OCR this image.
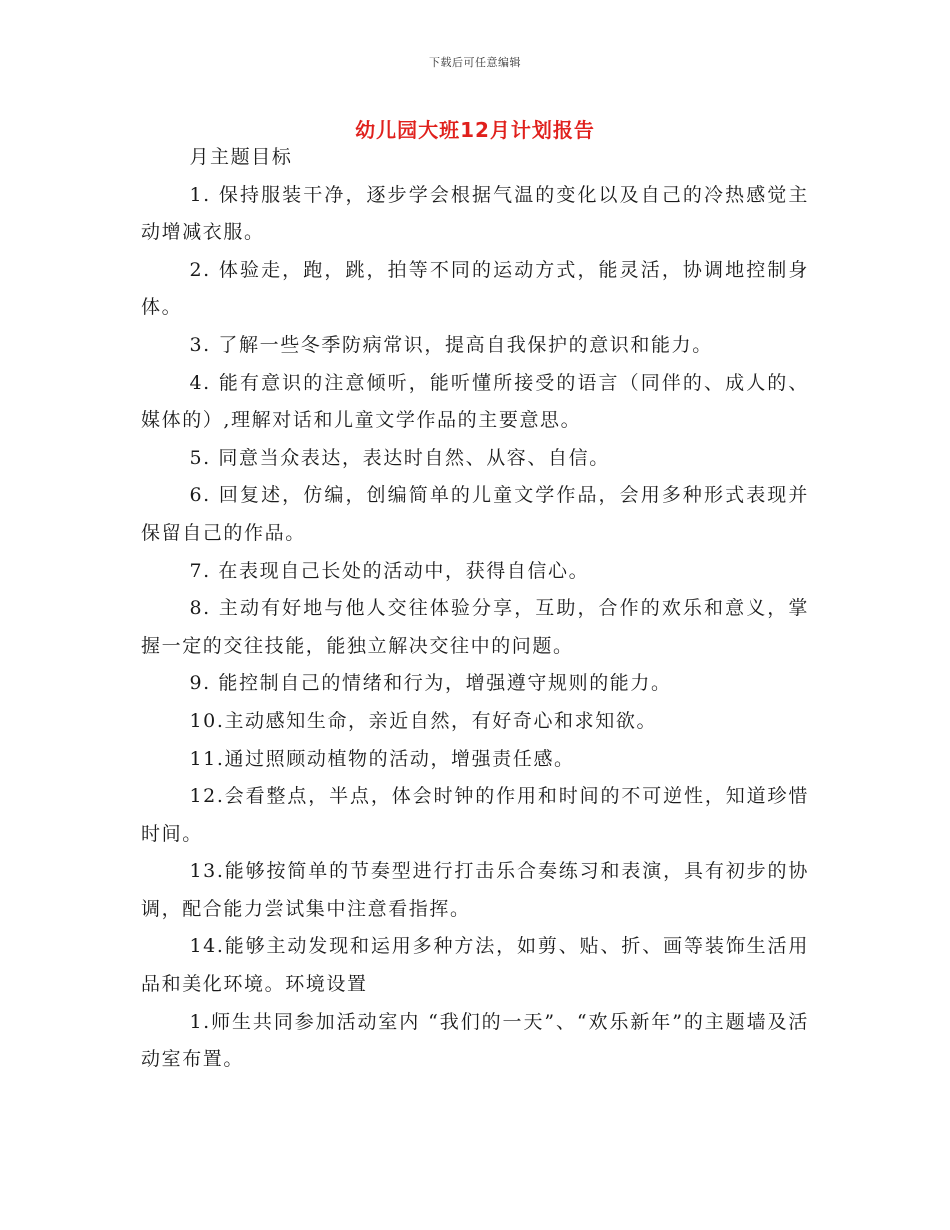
下载后可任意编辑
幼儿园大班12月计划报告

月主题目标

1. 保持服装干净，逐步学会根据气温的变化以及自己的冷热感觉主动增减衣服。

2. 体验走，跑，跳，拍等不同的运动方式，能灵活，协调地控制身体。

3. 了解一些冬季防病常识，提高自我保护的意识和能力。

4. 能有意识的注意倾听，能听懂所接受的语言（同伴的、成人的、媒体的）,理解对话和儿童文学作品的主要意思。

5. 同意当众表达，表达时自然、从容、自信。

6. 回复述，仿编，创编简单的儿童文学作品，会用多种形式表现并保留自己的作品。

7. 在表现自己长处的活动中，获得自信心。

8. 主动有好地与他人交往体验分享，互助，合作的欢乐和意义，掌握一定的交往技能，能独立解决交往中的问题。

9. 能控制自己的情绪和行为，增强遵守规则的能力。

10.主动感知生命，亲近自然，有好奇心和求知欲。

11.通过照顾动植物的活动，增强责任感。

12.会看整点，半点，体会时钟的作用和时间的不可逆性，知道珍惜时间。

13.能够按简单的节奏型进行打击乐合奏练习和表演，具有初步的协调，配合能力尝试集中注意看指挥。

14.能够主动发现和运用多种方法，如剪、贴、折、画等装饰生活用品和美化环境。环境设置

1.师生共同参加活动室内 “我们的一天”、“欢乐新年”的主题墙及活动室布置。
